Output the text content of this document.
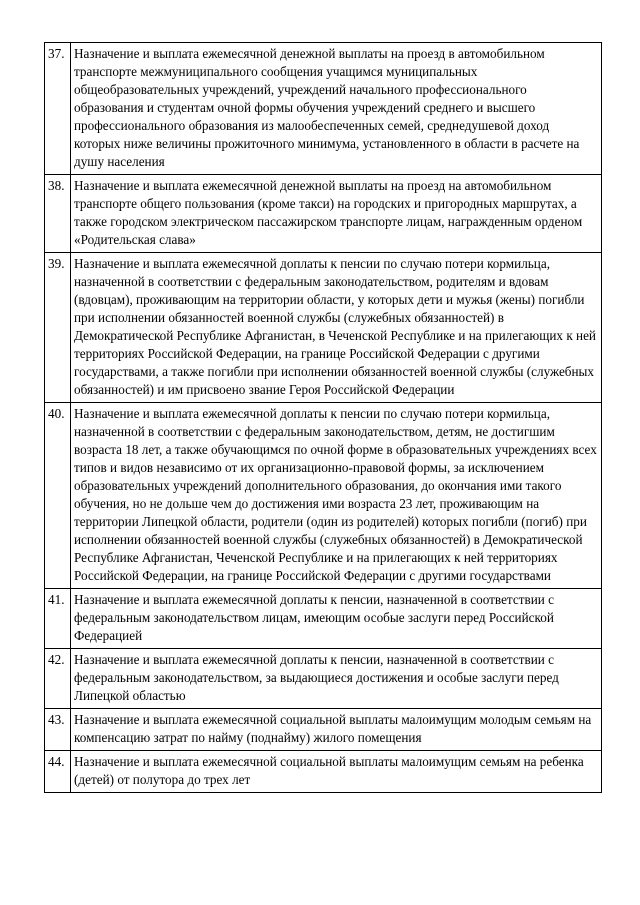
37.	Назначение и выплата ежемесячной денежной выплаты на проезд в автомобильном транспорте межмуниципального сообщения учащимся муниципальных общеобразовательных учреждений, учреждений начального профессионального образования и студентам очной формы обучения учреждений среднего и высшего профессионального образования из малообеспеченных семей, среднедушевой доход которых ниже величины прожиточного минимума, установленного в области в расчете на душу населения
38.	Назначение и выплата ежемесячной денежной выплаты на проезд на автомобильном транспорте общего пользования (кроме такси) на городских и пригородных маршрутах, а также городском электрическом пассажирском транспорте лицам, награжденным орденом «Родительская слава»
39.	Назначение и выплата ежемесячной доплаты к пенсии по случаю потери кормильца, назначенной в соответствии с федеральным законодательством, родителям и вдовам (вдовцам), проживающим на территории области, у которых дети и мужья (жены) погибли при исполнении обязанностей военной службы (служебных обязанностей) в Демократической Республике Афганистан, в Чеченской Республике и на прилегающих к ней территориях Российской Федерации, на границе Российской Федерации с другими государствами, а также погибли при исполнении обязанностей военной службы (служебных обязанностей) и им присвоено звание Героя Российской Федерации
40.	Назначение и выплата ежемесячной доплаты к пенсии по случаю потери кормильца, назначенной в соответствии с федеральным законодательством, детям, не достигшим возраста 18 лет, а также обучающимся по очной форме в образовательных учреждениях всех типов и видов независимо от их организационно-правовой формы, за исключением образовательных учреждений дополнительного образования, до окончания ими такого обучения, но не дольше чем до достижения ими возраста 23 лет, проживающим на территории Липецкой области, родители (один из родителей) которых погибли (погиб) при исполнении обязанностей военной службы (служебных обязанностей) в Демократической Республике Афганистан, Чеченской Республике и на прилегающих к ней территориях Российской Федерации, на границе Российской Федерации с другими государствами
41.	Назначение и выплата ежемесячной доплаты к пенсии, назначенной в соответствии с федеральным законодательством лицам, имеющим особые заслуги перед Российской Федерацией
42.	Назначение и выплата ежемесячной доплаты к пенсии, назначенной в соответствии с федеральным законодательством, за выдающиеся достижения и особые заслуги перед Липецкой областью
43.	Назначение и выплата ежемесячной социальной выплаты малоимущим молодым семьям на компенсацию затрат по найму (поднайму) жилого помещения
44.	Назначение и выплата ежемесячной социальной выплаты малоимущим семьям на ребенка (детей) от полутора до трех лет
